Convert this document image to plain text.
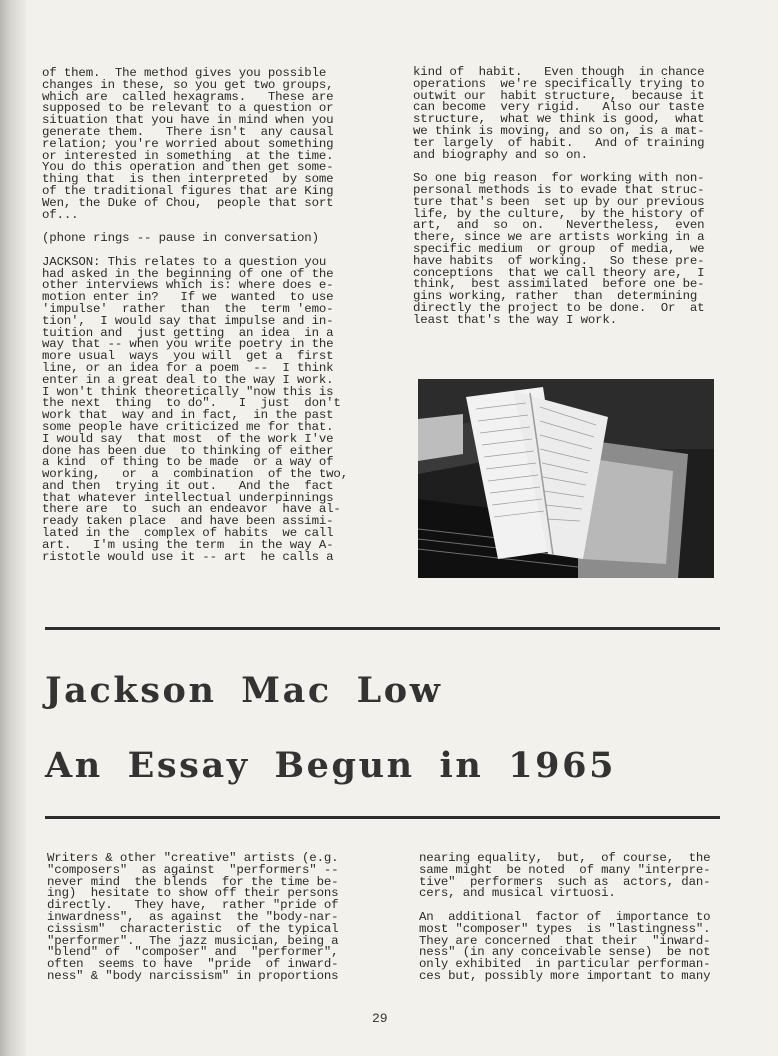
of them.  The method gives you possible
changes in these, so you get two groups,
which are  called hexagrams.   These are
supposed to be relevant to a question or
situation that you have in mind when you
generate them.   There isn't  any causal
relation; you're worried about something
or interested in something  at the time.
You do this operation and then get some-
thing that  is then interpreted  by some
of the traditional figures that are King
Wen, the Duke of Chou,  people that sort
of...
(phone rings -- pause in conversation)
JACKSON: This relates to a question you
had asked in the beginning of one of the
other interviews which is: where does e-
motion enter in?   If we  wanted  to use
'impulse'  rather  than  the  term 'emo-
tion',  I would say that impulse and in-
tuition and  just getting  an idea  in a
way that -- when you write poetry in the
more usual  ways  you will  get a  first
line, or an idea for a poem  --  I think
enter in a great deal to the way I work.
I won't think theoretically "now this is
the next  thing  to do".   I  just  don't
work that  way and in fact,  in the past
some people have criticized me for that.
I would say  that most  of the work I've
done has been due  to thinking of either
a kind  of thing to be made  or a way of
working,   or  a  combination  of the two,
and then  trying it out.   And the  fact
that whatever intellectual underpinnings
there are  to  such an endeavor  have al-
ready taken place  and have been assimi-
lated in the  complex of habits  we call
art.   I'm using the term  in the way A-
ristotle would use it -- art  he calls a
kind of  habit.   Even though  in chance
operations  we're specifically trying to
outwit our  habit structure,  because it
can become  very rigid.   Also our taste
structure,  what we think is good,  what
we think is moving, and so on, is a mat-
ter largely  of habit.   And of training
and biography and so on.
So one big reason  for working with non-
personal methods is to evade that struc-
ture that's been  set up by our previous
life, by the culture,  by the history of
art,  and  so  on.   Nevertheless,  even
there, since we are artists working in a
specific medium  or group  of media,  we
have habits  of working.   So these pre-
conceptions  that we call theory are,  I
think,  best assimilated  before one be-
gins working, rather  than  determining
directly the project to be done.  Or  at
least that's the way I work.
Jackson Mac Low
An Essay Begun in 1965
Writers & other "creative" artists (e.g.
"composers"  as against  "performers" --
never mind  the blends  for the time be-
ing)  hesitate to show off their persons
directly.   They have,  rather "pride of
inwardness",  as against  the "body-nar-
cissism"  characteristic  of the typical
"performer".  The jazz musician, being a
"blend" of  "composer" and  "performer",
often  seems to have  "pride  of inward-
ness" & "body narcissism" in proportions
nearing equality,  but,  of course,  the
same might  be noted  of many "interpre-
tive"  performers  such as  actors, dan-
cers, and musical virtuosi.
An  additional  factor of  importance to
most "composer" types  is "lastingness".
They are concerned  that their  "inward-
ness" (in any conceivable sense)  be not
only exhibited  in particular performan-
ces but, possibly more important to many
29
